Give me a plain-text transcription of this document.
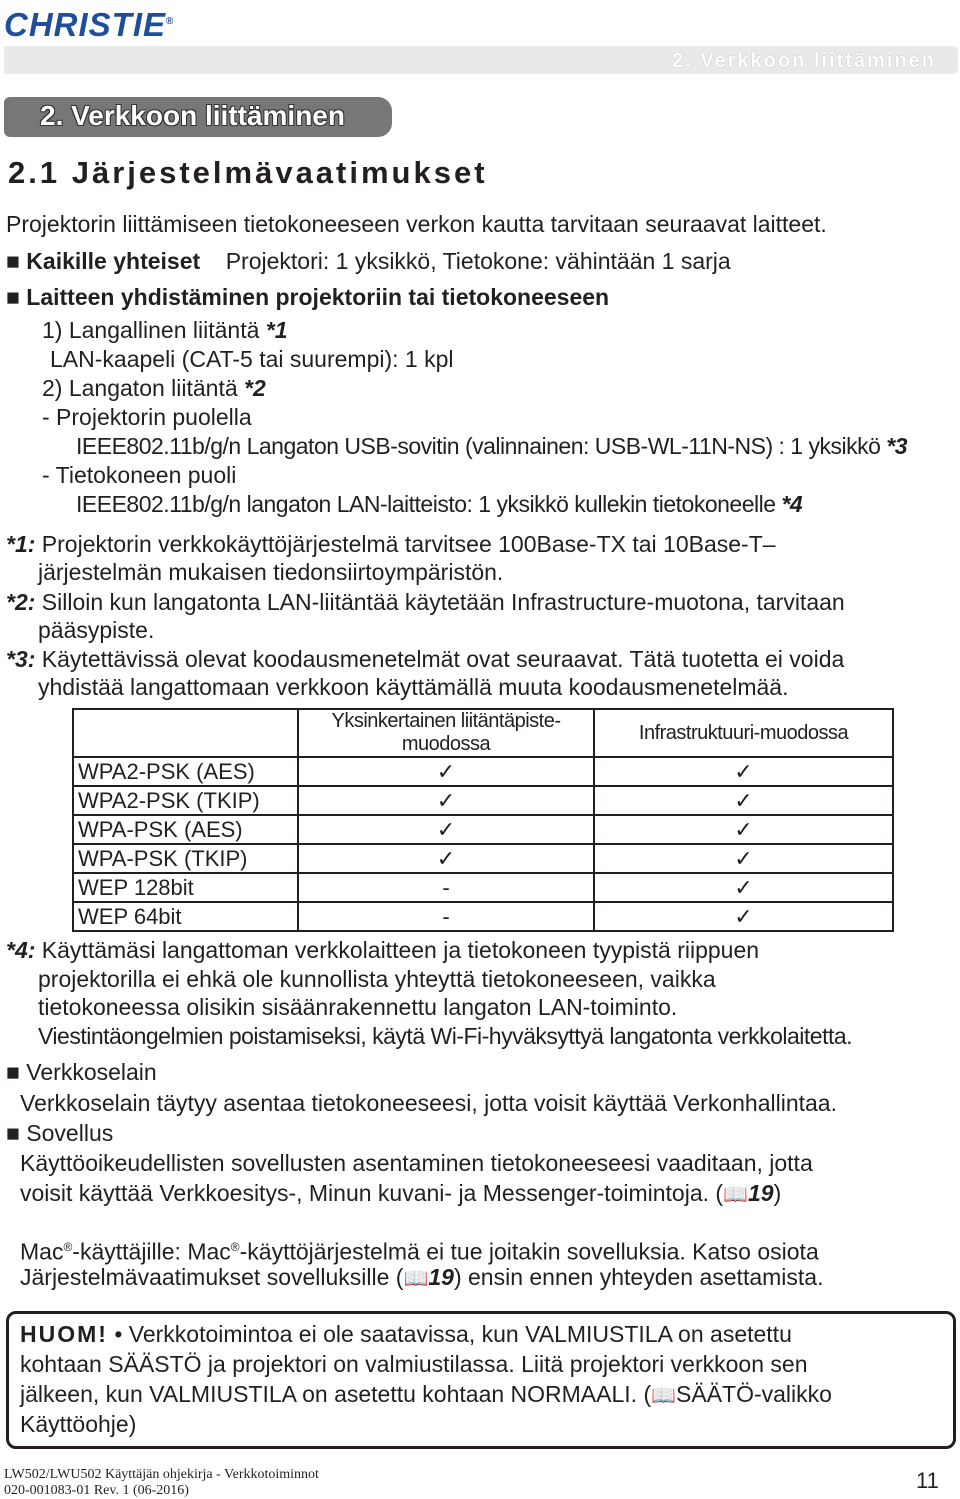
CHRISTIE®
2. Verkkoon liittäminen
2. Verkkoon liittäminen
2.1 Järjestelmävaatimukset
Projektorin liittämiseen tietokoneeseen verkon kautta tarvitaan seuraavat laitteet.
■ Kaikille yhteiset Projektori: 1 yksikkö, Tietokone: vähintään 1 sarja
■ Laitteen yhdistäminen projektoriin tai tietokoneeseen
1) Langallinen liitäntä *1
LAN-kaapeli (CAT-5 tai suurempi): 1 kpl
2) Langaton liitäntä *2
- Projektorin puolella
IEEE802.11b/g/n Langaton USB-sovitin (valinnainen: USB-WL-11N-NS) : 1 yksikkö *3
- Tietokoneen puoli
IEEE802.11b/g/n langaton LAN-laitteisto: 1 yksikkö kullekin tietokoneelle *4
*1: Projektorin verkkokäyttöjärjestelmä tarvitsee 100Base-TX tai 10Base-T–
järjestelmän mukaisen tiedonsiirtoympäristön.
*2: Silloin kun langatonta LAN-liitäntää käytetään Infrastructure-muotona, tarvitaan
pääsypiste.
*3: Käytettävissä olevat koodausmenetelmät ovat seuraavat. Tätä tuotetta ei voida
yhdistää langattomaan verkkoon käyttämällä muuta koodausmenetelmää.
	Yksinkertainen liitäntäpiste-muodossa	Infrastruktuuri-muodossa
WPA2-PSK (AES)	✓	✓
WPA2-PSK (TKIP)	✓	✓
WPA-PSK (AES)	✓	✓
WPA-PSK (TKIP)	✓	✓
WEP 128bit	-	✓
WEP 64bit	-	✓
*4: Käyttämäsi langattoman verkkolaitteen ja tietokoneen tyypistä riippuen
projektorilla ei ehkä ole kunnollista yhteyttä tietokoneeseen, vaikka
tietokoneessa olisikin sisäänrakennettu langaton LAN-toiminto.
Viestintäongelmien poistamiseksi, käytä Wi-Fi-hyväksyttyä langatonta verkkolaitetta.
■ Verkkoselain
Verkkoselain täytyy asentaa tietokoneeseesi, jotta voisit käyttää Verkonhallintaa.
■ Sovellus
Käyttöoikeudellisten sovellusten asentaminen tietokoneeseesi vaaditaan, jotta
voisit käyttää Verkkoesitys-, Minun kuvani- ja Messenger-toimintoja. (📖19)
Mac®-käyttäjille: Mac®-käyttöjärjestelmä ei tue joitakin sovelluksia. Katso osiota
Järjestelmävaatimukset sovelluksille (📖19) ensin ennen yhteyden asettamista.
HUOM! • Verkkotoimintoa ei ole saatavissa, kun VALMIUSTILA on asetettu
kohtaan SÄÄSTÖ ja projektori on valmiustilassa. Liitä projektori verkkoon sen
jälkeen, kun VALMIUSTILA on asetettu kohtaan NORMAALI. (📖SÄÄTÖ-valikko
Käyttöohje)
LW502/LWU502 Käyttäjän ohjekirja - Verkkotoiminnot
020-001083-01 Rev. 1 (06-2016)	11
